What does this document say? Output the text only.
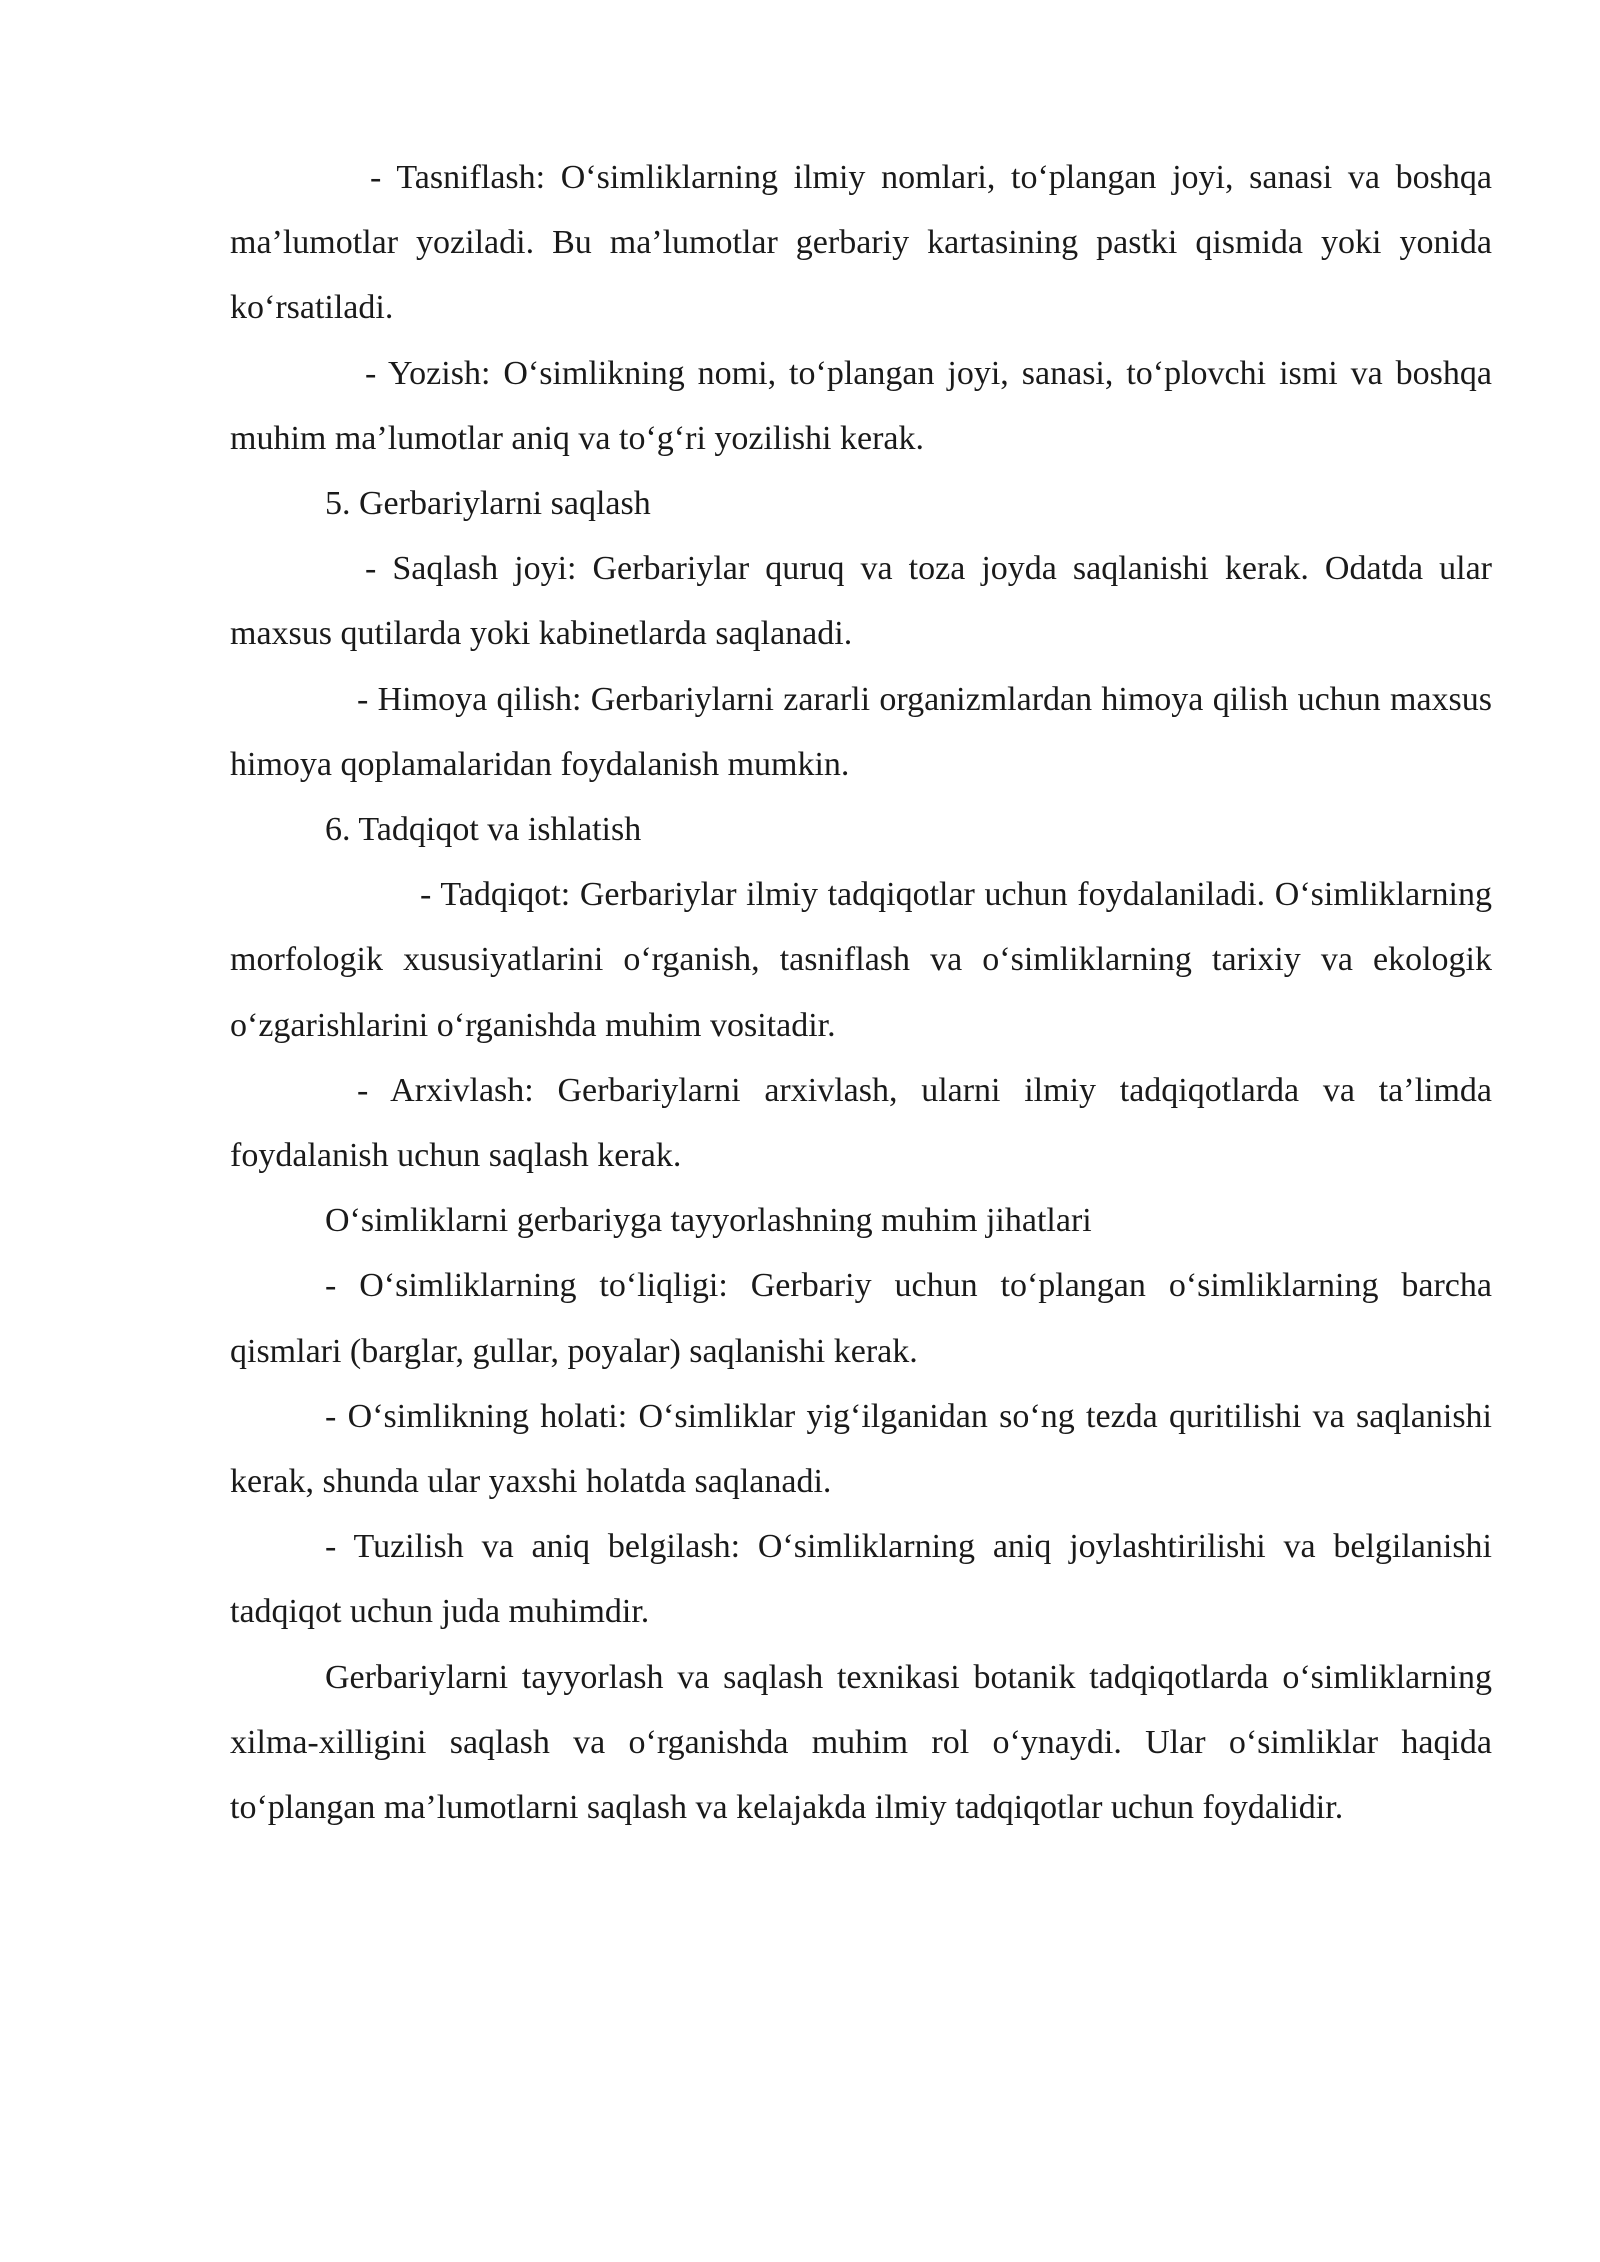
- Tasniflash: O‘simliklarning ilmiy nomlari, to‘plangan joyi, sanasi va boshqa ma’lumotlar yoziladi. Bu ma’lumotlar gerbariy kartasining pastki qismida yoki yonida ko‘rsatiladi.

- Yozish: O‘simlikning nomi, to‘plangan joyi, sanasi, to‘plovchi ismi va boshqa muhim ma’lumotlar aniq va to‘g‘ri yozilishi kerak.

5. Gerbariylarni saqlash

- Saqlash joyi: Gerbariylar quruq va toza joyda saqlanishi kerak. Odatda ular maxsus qutilarda yoki kabinetlarda saqlanadi.

- Himoya qilish: Gerbariylarni zararli organizmlardan himoya qilish uchun maxsus himoya qoplamalaridan foydalanish mumkin.

6. Tadqiqot va ishlatish

- Tadqiqot: Gerbariylar ilmiy tadqiqotlar uchun foydalaniladi. O‘simliklarning morfologik xususiyatlarini o‘rganish, tasniflash va o‘simliklarning tarixiy va ekologik o‘zgarishlarini o‘rganishda muhim vositadir.

- Arxivlash: Gerbariylarni arxivlash, ularni ilmiy tadqiqotlarda va ta’limda foydalanish uchun saqlash kerak.

O‘simliklarni gerbariyga tayyorlashning muhim jihatlari

- O‘simliklarning to‘liqligi: Gerbariy uchun to‘plangan o‘simliklarning barcha qismlari (barglar, gullar, poyalar) saqlanishi kerak.

- O‘simlikning holati: O‘simliklar yig‘ilganidan so‘ng tezda quritilishi va saqlanishi kerak, shunda ular yaxshi holatda saqlanadi.

- Tuzilish va aniq belgilash: O‘simliklarning aniq joylashtirilishi va belgilanishi tadqiqot uchun juda muhimdir.

Gerbariylarni tayyorlash va saqlash texnikasi botanik tadqiqotlarda o‘simliklarning xilma-xilligini saqlash va o‘rganishda muhim rol o‘ynaydi. Ular o‘simliklar haqida to‘plangan ma’lumotlarni saqlash va kelajakda ilmiy tadqiqotlar uchun foydalidir.
